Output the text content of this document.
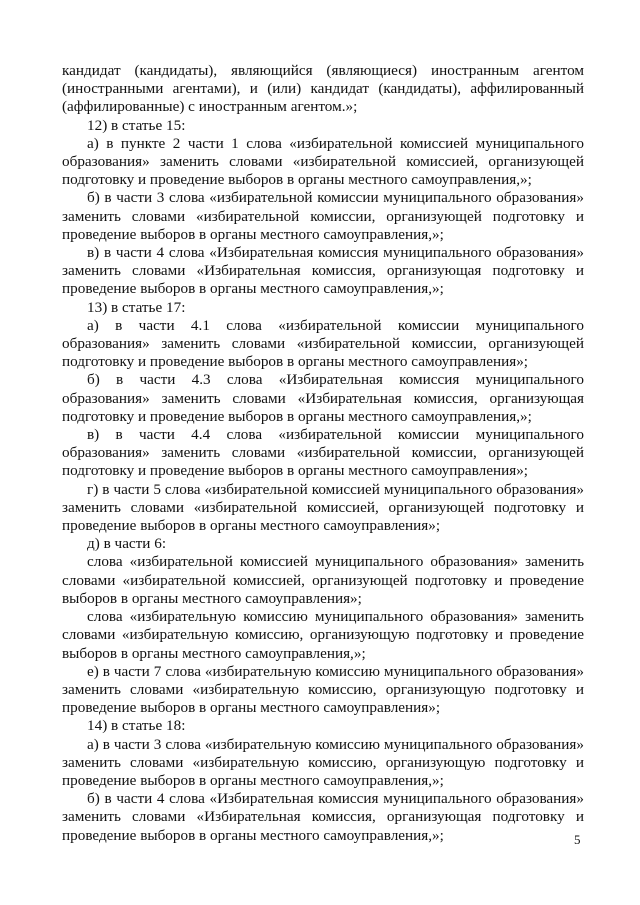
кандидат (кандидаты), являющийся (являющиеся) иностранным агентом (иностранными агентами), и (или) кандидат (кандидаты), аффилированный (аффилированные) с иностранным агентом.»;

12) в статье 15:

а) в пункте 2 части 1 слова «избирательной комиссией муниципального образования» заменить словами «избирательной комиссией, организующей подготовку и проведение выборов в органы местного самоуправления,»;

б) в части 3 слова «избирательной комиссии муниципального образования» заменить словами «избирательной комиссии, организующей подготовку и проведение выборов в органы местного самоуправления,»;

в) в части 4 слова «Избирательная комиссия муниципального образования» заменить словами «Избирательная комиссия, организующая подготовку и проведение выборов в органы местного самоуправления,»;

13) в статье 17:

а) в части 4.1 слова «избирательной комиссии муниципального образования» заменить словами «избирательной комиссии, организующей подготовку и проведение выборов в органы местного самоуправления»;

б) в части 4.3 слова «Избирательная комиссия муниципального образования» заменить словами «Избирательная комиссия, организующая подготовку и проведение выборов в органы местного самоуправления,»;

в) в части 4.4 слова «избирательной комиссии муниципального образования» заменить словами «избирательной комиссии, организующей подготовку и проведение выборов в органы местного самоуправления»;

г) в части 5 слова «избирательной комиссией муниципального образования» заменить словами «избирательной комиссией, организующей подготовку и проведение выборов в органы местного самоуправления»;

д) в части 6:

слова «избирательной комиссией муниципального образования» заменить словами «избирательной комиссией, организующей подготовку и проведение выборов в органы местного самоуправления»;

слова «избирательную комиссию муниципального образования» заменить словами «избирательную комиссию, организующую подготовку и проведение выборов в органы местного самоуправления,»;

е) в части 7 слова «избирательную комиссию муниципального образования» заменить словами «избирательную комиссию, организующую подготовку и проведение выборов в органы местного самоуправления»;

14) в статье 18:

а) в части 3 слова «избирательную комиссию муниципального образования» заменить словами «избирательную комиссию, организующую подготовку и проведение выборов в органы местного самоуправления,»;

б) в части 4 слова «Избирательная комиссия муниципального образования» заменить словами «Избирательная комиссия, организующая подготовку и проведение выборов в органы местного самоуправления,»;	5
